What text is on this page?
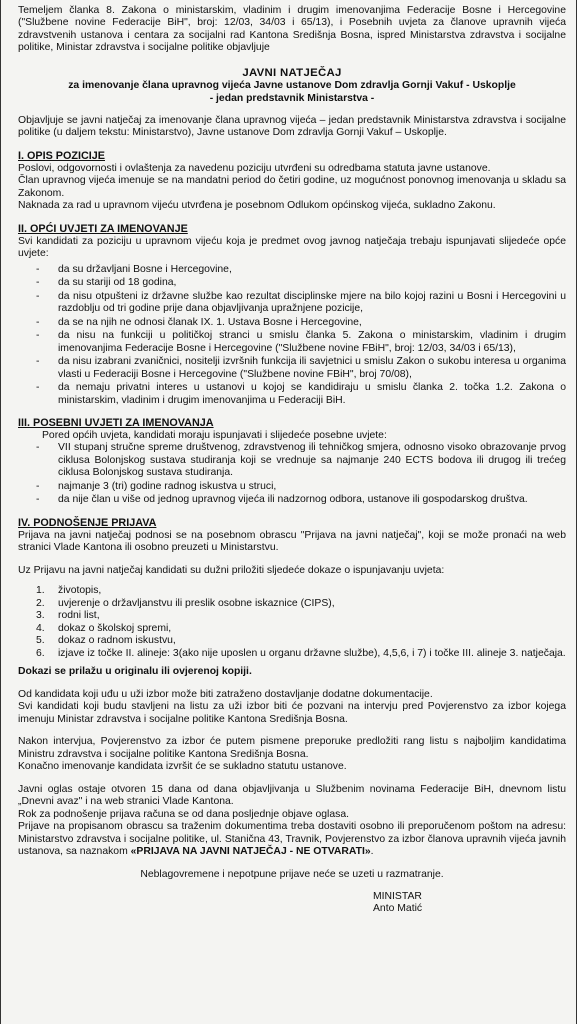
Temeljem članka 8. Zakona o ministarskim, vladinim i drugim imenovanjima Federacije Bosne i Hercegovine ("Službene novine Federacije BiH", broj: 12/03, 34/03 i 65/13), i Posebnih uvjeta za članove upravnih vijeća zdravstvenih ustanova i centara za socijalni rad Kantona Središnja Bosna, ispred Ministarstva zdravstva i socijalne politike, Ministar zdravstva i socijalne politike objavljuje

JAVNI NATJEČAJ
za imenovanje člana upravnog vijeća Javne ustanove Dom zdravlja Gornji Vakuf - Uskoplje
- jedan predstavnik Ministarstva -

Objavljuje se javni natječaj za imenovanje člana upravnog vijeća – jedan predstavnik Ministarstva zdravstva i socijalne politike (u daljem tekstu: Ministarstvo), Javne ustanove Dom zdravlja Gornji Vakuf – Uskoplje.

I. OPIS POZICIJE

Poslovi, odgovornosti i ovlaštenja za navedenu poziciju utvrđeni su odredbama statuta javne ustanove.

Član upravnog vijeća imenuje se na mandatni period do četiri godine, uz mogućnost ponovnog imenovanja u skladu sa Zakonom.

Naknada za rad u upravnom vijeću utvrđena je posebnom Odlukom općinskog vijeća, sukladno Zakonu.

II. OPĆI UVJETI ZA IMENOVANJE

Svi kandidati za poziciju u upravnom vijeću koja je predmet ovog javnog natječaja trebaju ispunjavati slijedeće opće uvjete:

- da su državljani Bosne i Hercegovine,
- da su stariji od 18 godina,
- da nisu otpušteni iz državne službe kao rezultat disciplinske mjere na bilo kojoj razini u Bosni i Hercegovini u razdoblju od tri godine prije dana objavljivanja upražnjene pozicije,
- da se na njih ne odnosi članak IX. 1. Ustava Bosne i Hercegovine,
- da nisu na funkciji u političkoj stranci u smislu članka 5. Zakona o ministarskim, vladinim i drugim imenovanjima Federacije Bosne i Hercegovine ("Službene novine FBiH", broj: 12/03, 34/03 i 65/13),
- da nisu izabrani zvaničnici, nositelji izvršnih funkcija ili savjetnici u smislu Zakon o sukobu interesa u organima vlasti u Federaciji Bosne i Hercegovine ("Službene novine FBiH", broj 70/08),
- da nemaju privatni interes u ustanovi u kojoj se kandidiraju u smislu članka 2. točka 1.2. Zakona o ministarskim, vladinim i drugim imenovanjima u Federaciji BiH.
III. POSEBNI UVJETI ZA IMENOVANJA

Pored općih uvjeta, kandidati moraju ispunjavati i slijedeće posebne uvjete:

- VII stupanj stručne spreme društvenog, zdravstvenog ili tehničkog smjera, odnosno visoko obrazovanje prvog ciklusa Bolonjskog sustava studiranja koji se vrednuje sa najmanje 240 ECTS bodova ili drugog ili trećeg ciklusa Bolonjskog sustava studiranja.
- najmanje 3 (tri) godine radnog iskustva u struci,
- da nije član u više od jednog upravnog vijeća ili nadzornog odbora, ustanove ili gospodarskog društva.
IV. PODNOŠENJE PRIJAVA

Prijava na javni natječaj podnosi se na posebnom obrascu "Prijava na javni natječaj", koji se može pronaći na web stranici Vlade Kantona ili osobno preuzeti u Ministarstvu.

Uz Prijavu na javni natječaj kandidati su dužni priložiti sljedeće dokaze o ispunjavanju uvjeta:

1. životopis,
2. uvjerenje o državljanstvu ili preslik osobne iskaznice (CIPS),
3. rodni list,
4. dokaz o školskoj spremi,
5. dokaz o radnom iskustvu,
6. izjave iz točke II. alineje: 3(ako nije uposlen u organu državne službe), 4,5,6, i 7) i točke III. alineje 3. natječaja.

Dokazi se prilažu u originalu ili ovjerenoj kopiji.

Od kandidata koji uđu u uži izbor može biti zatraženo dostavljanje dodatne dokumentacije.

Svi kandidati koji budu stavljeni na listu za uži izbor biti će pozvani na intervju pred Povjerenstvo za izbor kojega imenuju Ministar zdravstva i socijalne politike Kantona Središnja Bosna.

Nakon intervjua, Povjerenstvo za izbor će putem pismene preporuke predložiti rang listu s najboljim kandidatima Ministru zdravstva i socijalne politike Kantona Središnja Bosna.

Konačno imenovanje kandidata izvršit će se sukladno statutu ustanove.

Javni oglas ostaje otvoren 15 dana od dana objavljivanja u Službenim novinama Federacije BiH, dnevnom listu „Dnevni avaz" i na web stranici Vlade Kantona.

Rok za podnošenje prijava računa se od dana posljednje objave oglasa.

Prijave na propisanom obrascu sa traženim dokumentima treba dostaviti osobno ili preporučenom poštom na adresu: Ministarstvo zdravstva i socijalne politike, ul. Stanična 43, Travnik, Povjerenstvo za izbor članova upravnih vijeća javnih ustanova, sa naznakom «PRIJAVA NA JAVNI NATJEČAJ - NE OTVARATI».

Neblagovremene i nepotpune prijave neće se uzeti u razmatranje.

MINISTAR
Anto Matić
